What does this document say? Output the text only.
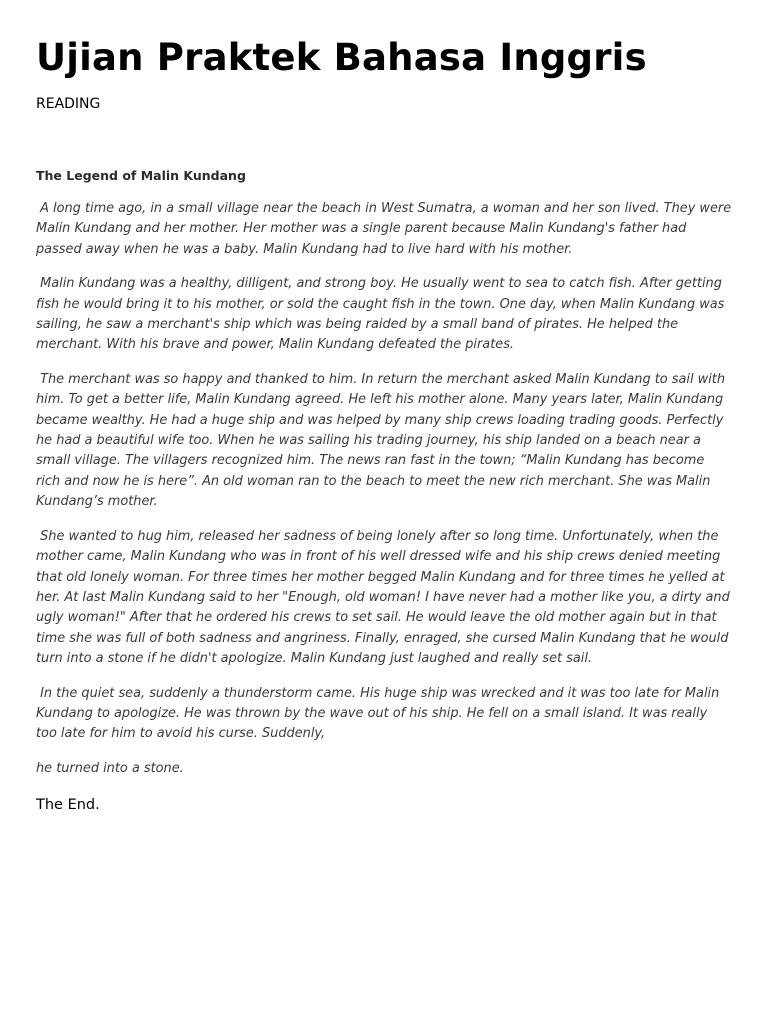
Ujian Praktek Bahasa Inggris
READING
The Legend of Malin Kundang

A long time ago, in a small village near the beach in West Sumatra, a woman and her son lived. They were Malin Kundang and her mother. Her mother was a single parent because Malin Kundang's father had passed away when he was a baby. Malin Kundang had to live hard with his mother.

Malin Kundang was a healthy, dilligent, and strong boy. He usually went to sea to catch fish. After getting fish he would bring it to his mother, or sold the caught fish in the town. One day, when Malin Kundang was sailing, he saw a merchant's ship which was being raided by a small band of pirates. He helped the merchant. With his brave and power, Malin Kundang defeated the pirates.

The merchant was so happy and thanked to him. In return the merchant asked Malin Kundang to sail with him. To get a better life, Malin Kundang agreed. He left his mother alone. Many years later, Malin Kundang became wealthy. He had a huge ship and was helped by many ship crews loading trading goods. Perfectly he had a beautiful wife too. When he was sailing his trading journey, his ship landed on a beach near a small village. The villagers recognized him. The news ran fast in the town; “Malin Kundang has become rich and now he is here”. An old woman ran to the beach to meet the new rich merchant. She was Malin Kundang’s mother.

She wanted to hug him, released her sadness of being lonely after so long time. Unfortunately, when the mother came, Malin Kundang who was in front of his well dressed wife and his ship crews denied meeting that old lonely woman. For three times her mother begged Malin Kundang and for three times he yelled at her. At last Malin Kundang said to her "Enough, old woman! I have never had a mother like you, a dirty and ugly woman!" After that he ordered his crews to set sail. He would leave the old mother again but in that time she was full of both sadness and angriness. Finally, enraged, she cursed Malin Kundang that he would turn into a stone if he didn't apologize. Malin Kundang just laughed and really set sail.

In the quiet sea, suddenly a thunderstorm came. His huge ship was wrecked and it was too late for Malin Kundang to apologize. He was thrown by the wave out of his ship. He fell on a small island. It was really too late for him to avoid his curse. Suddenly,

he turned into a stone.

The End.
